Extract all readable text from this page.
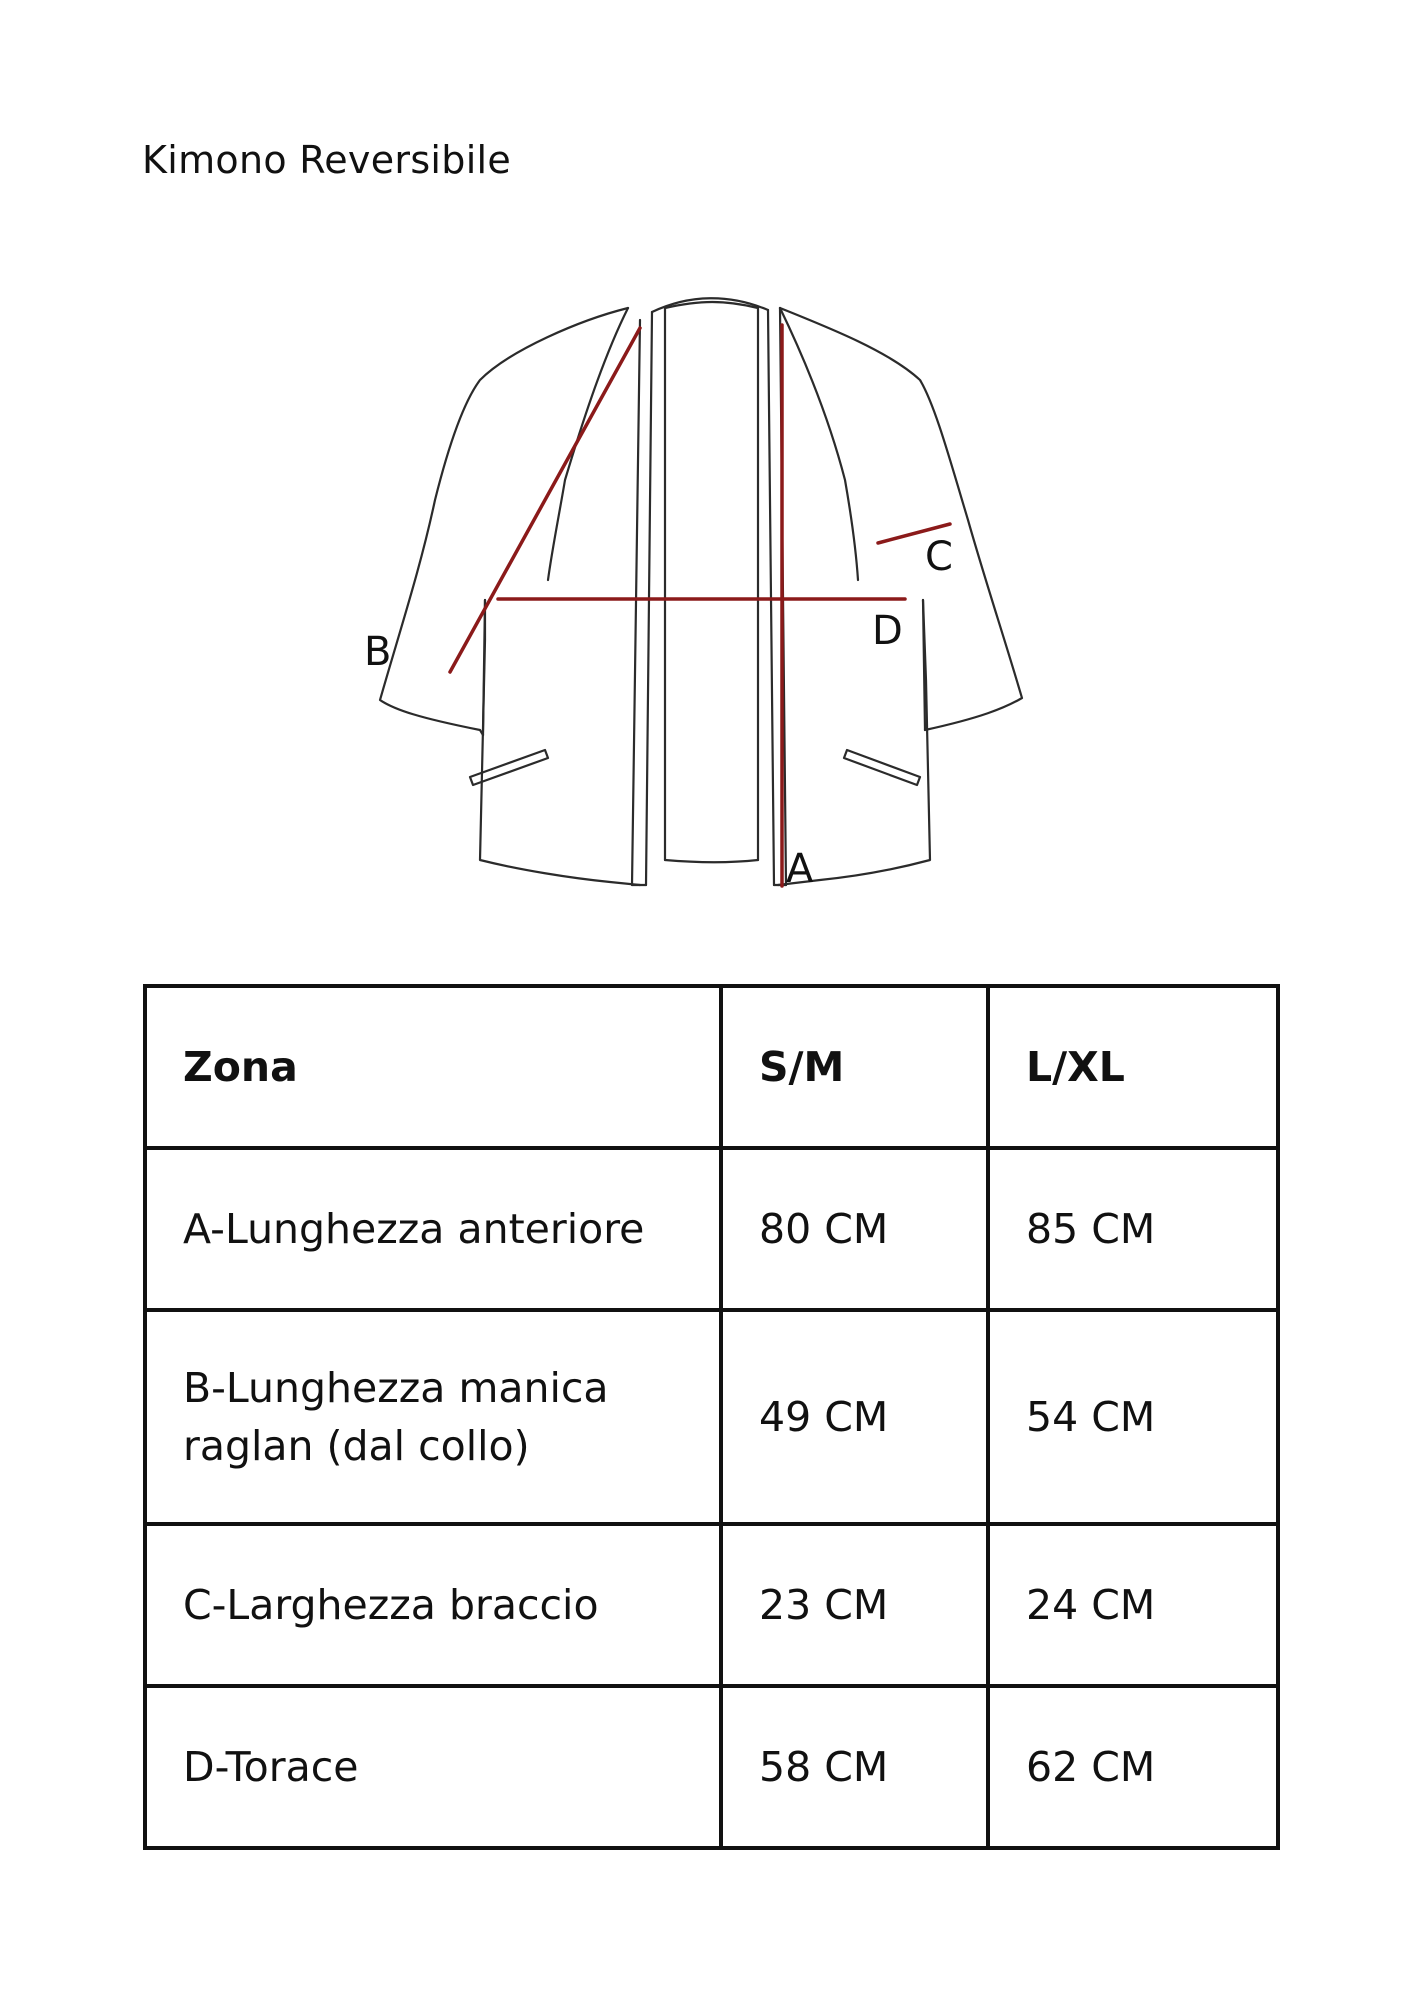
Kimono Reversibile
A
B
C
D
Zona	S/M	L/XL
A-Lunghezza anteriore	80 CM	85 CM
B-Lunghezza manica raglan (dal collo)	49 CM	54 CM
C-Larghezza braccio	23 CM	24 CM
D-Torace	58 CM	62 CM
